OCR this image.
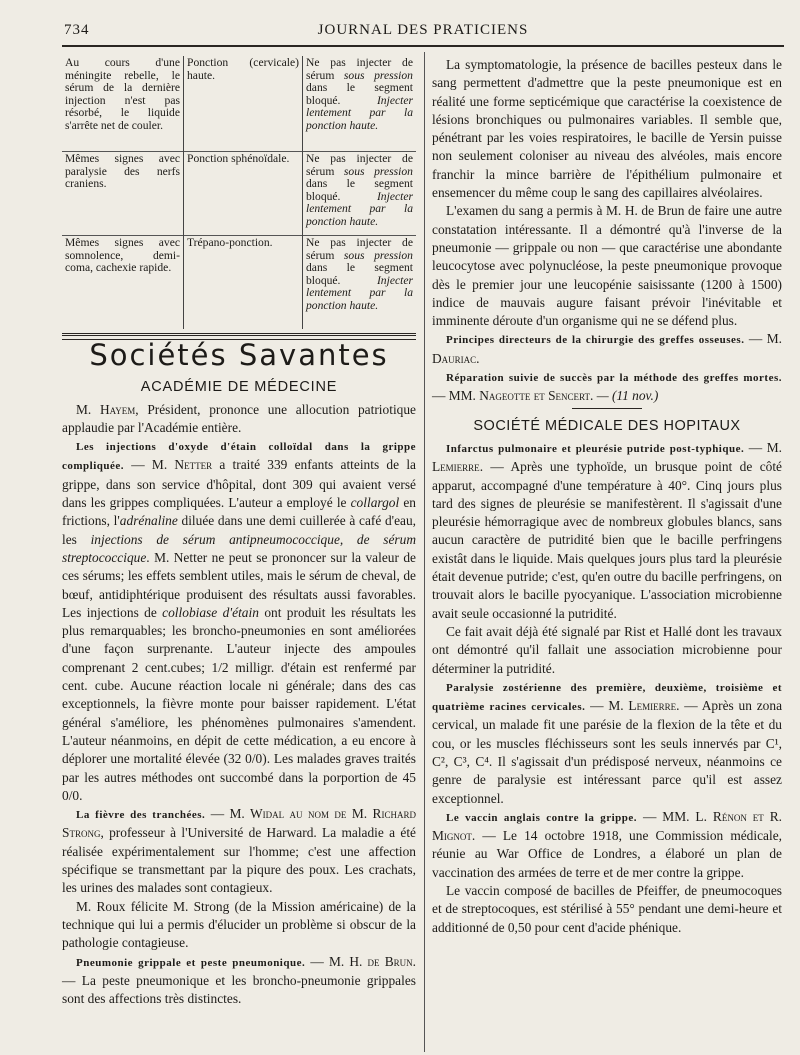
734	JOURNAL DES PRATICIENS
Au cours d'une méningite rebelle, le sérum de la dernière injection n'est pas résorbé, le liquide s'arrête net de couler.	Ponction (cervicale) haute.	Ne pas injecter de sérum sous pression dans le segment bloqué. Injecter lentement par la ponction haute.

Mêmes signes avec paralysie des nerfs craniens.	Ponction sphénoïdale.	Ne pas injecter de sérum sous pression dans le segment bloqué. Injecter lentement par la ponction haute.

Mêmes signes avec somnolence, demi-coma, cachexie rapide.	Trépano-ponction.	Ne pas injecter de sérum sous pression dans le segment bloqué. Injecter lentement par la ponction haute.
Sociétés Savantes
ACADÉMIE DE MÉDECINE

M. Hayem, Président, prononce une allocution patriotique applaudie par l'Académie entière.

Les injections d'oxyde d'étain colloïdal dans la grippe compliquée. — M. Netter a traité 339 enfants atteints de la grippe, dans son service d'hôpital, dont 309 qui avaient versé dans les grippes compliquées. L'auteur a employé le collargol en frictions, l'adrénaline diluée dans une demi cuillerée à café d'eau, les injections de sérum antipneumococcique, de sérum streptococcique. M. Netter ne peut se prononcer sur la valeur de ces sérums; les effets semblent utiles, mais le sérum de cheval, de bœuf, antidiphtérique produisent des résultats aussi favorables. Les injections de collobiase d'étain ont produit les résultats les plus remarquables; les broncho-pneumonies en sont améliorées d'une façon surprenante. L'auteur injecte des ampoules comprenant 2 cent.cubes; 1/2 milligr. d'étain est renfermé par cent. cube. Aucune réaction locale ni générale; dans des cas exceptionnels, la fièvre monte pour baisser rapidement. L'état général s'améliore, les phénomènes pulmonaires s'amendent. L'auteur néanmoins, en dépit de cette médication, a eu encore à déplorer une mortalité élevée (32 0/0). Les malades graves traités par les autres méthodes ont succombé dans la porportion de 45 0/0.

La fièvre des tranchées. — M. Widal au nom de M. Richard Strong, professeur à l'Université de Harward. La maladie a été réalisée expérimentalement sur l'homme; c'est une affection spécifique se transmettant par la piqure des poux. Les crachats, les urines des malades sont contagieux.

M. Roux félicite M. Strong (de la Mission américaine) de la technique qui lui a permis d'élucider un problème si obscur de la pathologie contagieuse.

Pneumonie grippale et peste pneumonique. — M. H. de Brun. — La peste pneumonique et les broncho-pneumonie grippales sont des affections très distinctes.

La symptomatologie, la présence de bacilles pesteux dans le sang permettent d'admettre que la peste pneumonique est en réalité une forme septicémique que caractérise la coexistence de lésions bronchiques ou pulmonaires variables. Il semble que, pénétrant par les voies respiratoires, le bacille de Yersin puisse non seulement coloniser au niveau des alvéoles, mais encore franchir la mince barrière de l'épithélium pulmonaire et ensemencer du même coup le sang des capillaires alvéolaires.

L'examen du sang a permis à M. H. de Brun de faire une autre constatation intéressante. Il a démontré qu'à l'inverse de la pneumonie — grippale ou non — que caractérise une abondante leucocytose avec polynucléose, la peste pneumonique provoque dès le premier jour une leucopénie saisissante (1200 à 1500) indice de mauvais augure faisant prévoir l'inévitable et imminente déroute d'un organisme qui ne se défend plus.

Principes directeurs de la chirurgie des greffes osseuses. — M. Dauriac.

Réparation suivie de succès par la méthode des greffes mortes. — MM. Nageotte et Sencert. — (11 nov.)

SOCIÉTÉ MÉDICALE DES HOPITAUX

Infarctus pulmonaire et pleurésie putride post-typhique. — M. Lemierre. — Après une typhoïde, un brusque point de côté apparut, accompagné d'une température à 40°. Cinq jours plus tard des signes de pleurésie se manifestèrent. Il s'agissait d'une pleurésie hémorragique avec de nombreux globules blancs, sans aucun caractère de putridité bien que le bacille perfringens existât dans le liquide. Mais quelques jours plus tard la pleurésie était devenue putride; c'est, qu'en outre du bacille perfringens, on trouvait alors le bacille pyocyanique. L'association microbienne avait seule occasionné la putridité.

Ce fait avait déjà été signalé par Rist et Hallé dont les travaux ont démontré qu'il fallait une association microbienne pour déterminer la putridité.

Paralysie zostérienne des première, deuxième, troisième et quatrième racines cervicales. — M. Lemierre. — Après un zona cervical, un malade fit une parésie de la flexion de la tête et du cou, or les muscles fléchisseurs sont les seuls innervés par C¹, C², C³, C⁴. Il s'agissait d'un prédisposé nerveux, néanmoins ce genre de paralysie est intéressant parce qu'il est assez exceptionnel.

Le vaccin anglais contre la grippe. — MM. L. Rénon et R. Mignot. — Le 14 octobre 1918, une Commission médicale, réunie au War Office de Londres, a élaboré un plan de vaccination des armées de terre et de mer contre la grippe.

Le vaccin composé de bacilles de Pfeiffer, de pneumocoques et de streptocoques, est stérilisé à 55° pendant une demi-heure et additionné de 0,50 pour cent d'acide phénique.
